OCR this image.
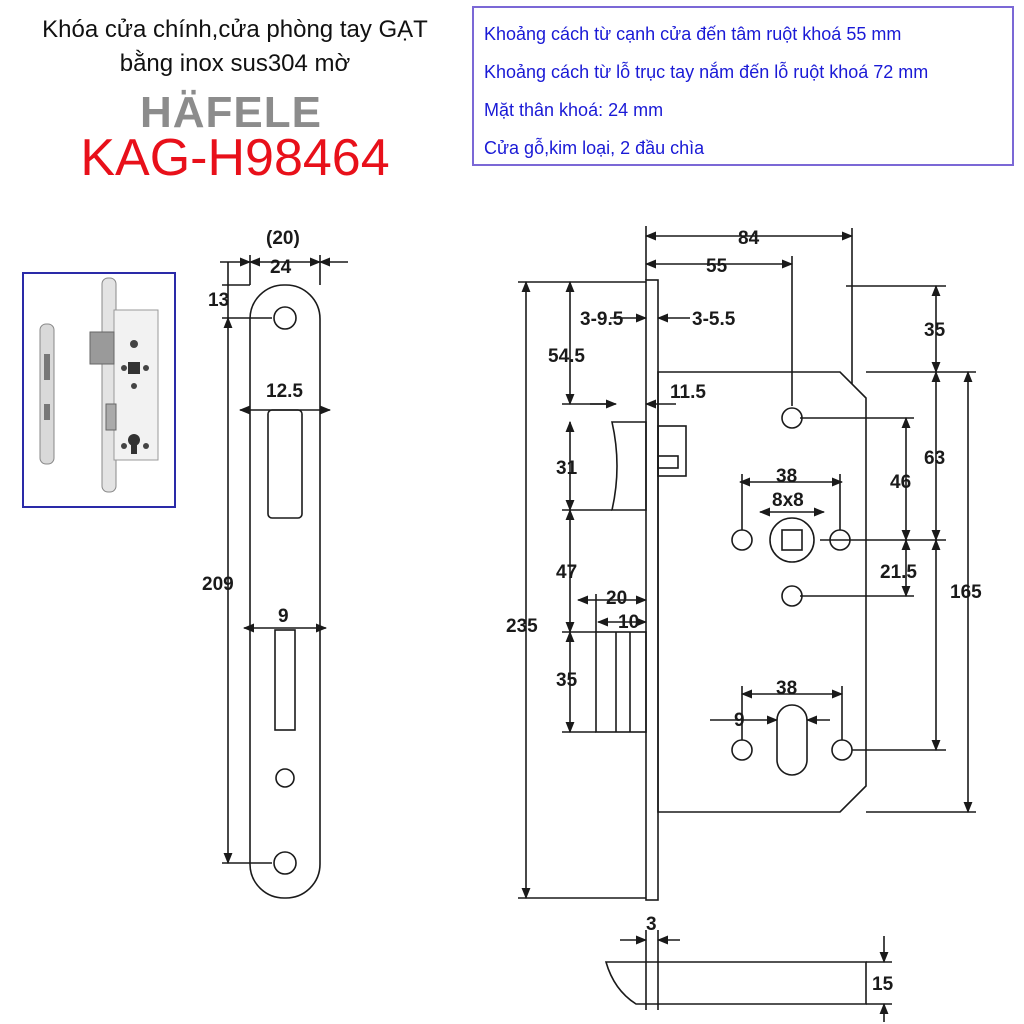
Khóa cửa chính,cửa phòng tay GẠT
bằng inox sus304 mờ
HÄFELE
KAG-H98464
Khoảng cách từ cạnh cửa đến tâm ruột khoá 55 mm
Khoảng cách từ lỗ trục tay nắm đến lỗ ruột khoá 72 mm
Mặt thân khoá: 24 mm
Cửa gỗ,kim loại, 2 đầu chìa
(20)
24
13
12.5
209
9
84
55
3-9.5	3-5.5
35
54.5
11.5
31	38
8x8
46
63
21.5
165
47
20
10
235
35	38
9
3
15
